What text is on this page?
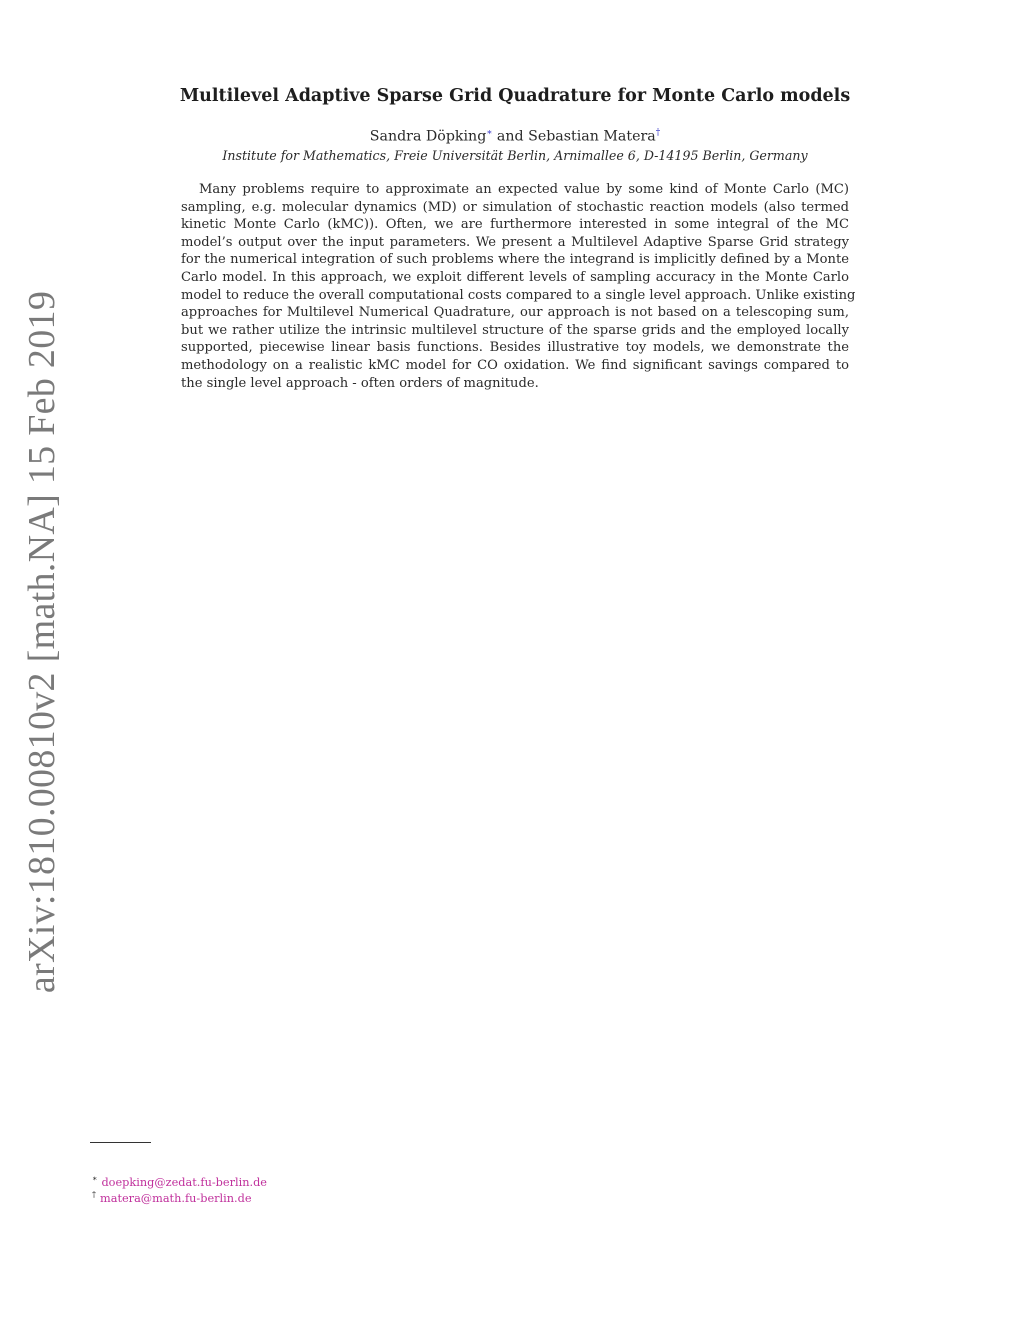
arXiv:1810.00810v2 [math.NA] 15 Feb 2019
Multilevel Adaptive Sparse Grid Quadrature for Monte Carlo models
Sandra Döpking∗ and Sebastian Matera†
Institute for Mathematics, Freie Universität Berlin, Arnimallee 6, D-14195 Berlin, Germany
Many problems require to approximate an expected value by some kind of Monte Carlo (MC)
sampling, e.g. molecular dynamics (MD) or simulation of stochastic reaction models (also termed
kinetic Monte Carlo (kMC)). Often, we are furthermore interested in some integral of the MC
model’s output over the input parameters. We present a Multilevel Adaptive Sparse Grid strategy
for the numerical integration of such problems where the integrand is implicitly defined by a Monte
Carlo model. In this approach, we exploit different levels of sampling accuracy in the Monte Carlo
model to reduce the overall computational costs compared to a single level approach. Unlike existing
approaches for Multilevel Numerical Quadrature, our approach is not based on a telescoping sum,
but we rather utilize the intrinsic multilevel structure of the sparse grids and the employed locally
supported, piecewise linear basis functions. Besides illustrative toy models, we demonstrate the
methodology on a realistic kMC model for CO oxidation. We find significant savings compared to
the single level approach - often orders of magnitude.
∗ doepking@zedat.fu-berlin.de
† matera@math.fu-berlin.de
